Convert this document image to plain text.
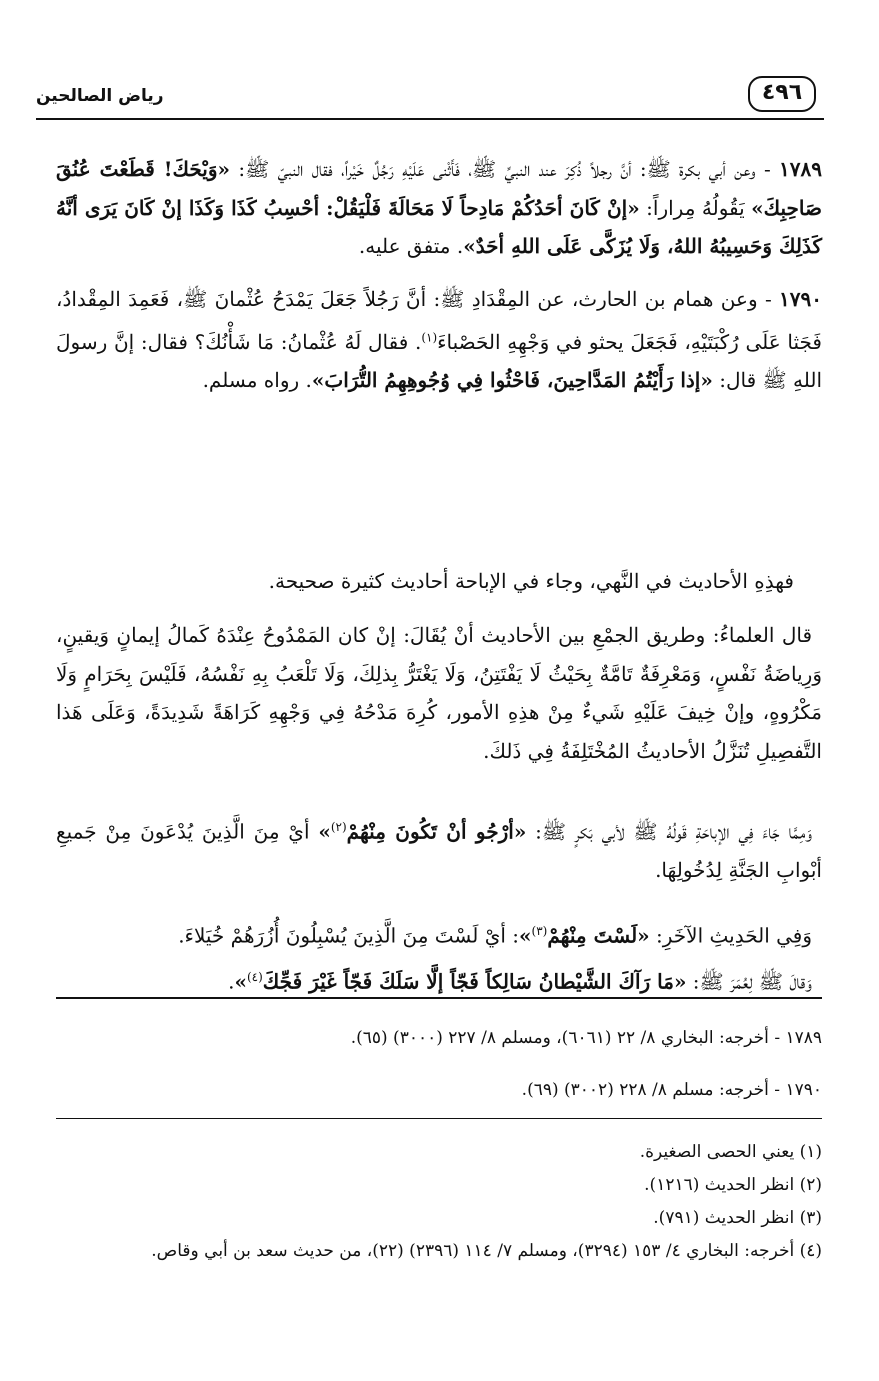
رياض الصالحين	٤٩٦

١٧٨٩ - وعن أبي بكرة ﷺ: أنَّ رجلاً ذُكِرَ عند النبيِّ ﷺ، فَأَثْنى عَلَيْهِ رَجُلٌ خَيْراً، فقال النبيّ ﷺ: «وَيْحَكَ! قَطَعْتَ عُنُقَ صَاحِبِكَ» يَقُولُهُ مِراراً: «إنْ كَانَ أحَدُكُمْ مَادِحاً لَا مَحَالَةَ فَلْيَقُلْ: أحْسِبُ كَذَا وَكَذَا إنْ كَانَ يَرَى أنَّهُ كَذَلِكَ وَحَسِيبُهُ اللهُ، وَلَا يُزَكَّى عَلَى اللهِ أحَدٌ». متفق عليه.

١٧٩٠ - وعن همام بن الحارث، عن المِقْدَادِ ﷺ: أنَّ رَجُلاً جَعَلَ يَمْدَحُ عُثْمانَ ﷺ، فَعَمِدَ المِقْدادُ، فَجَثا عَلَى رُكْبَتَيْهِ، فَجَعَلَ يحثو في وَجْهِهِ الحَصْباءَ$^{(١)}$. فقال لَهُ عُثْمانُ: مَا شَأْنُكَ؟ فقال: إنَّ رسولَ اللهِ ﷺ قال: «إذا رَأَيْتُمُ المَدَّاحِينَ، فَاحْثُوا فِي وُجُوهِهِمُ التُّرَابَ». رواه مسلم.

فهذِهِ الأحاديث في النَّهي، وجاء في الإباحة أحاديث كثيرة صحيحة.

قال العلماءُ: وطريق الجمْعِ بين الأحاديث أنْ يُقَالَ: إنْ كان المَمْدُوحُ عِنْدَهُ كَمالُ إيمانٍ وَيقينٍ، وَرِياضَةُ نَفْسٍ، وَمَعْرِفَةٌ تَامَّةٌ بِحَيْثُ لَا يَفْتَتِنُ، وَلَا يَغْتَرُّ بِذلِكَ، وَلَا تَلْعَبُ بِهِ نَفْسُهُ، فَلَيْسَ بِحَرَامٍ وَلَا مَكْرُوهٍ، وإنْ خِيفَ عَلَيْهِ شَيءٌ مِنْ هذِهِ الأمور، كُرِهَ مَدْحُهُ فِي وَجْهِهِ كَرَاهَةً شَدِيدَةً، وَعَلَى هَذا التَّفصِيلِ تُنَزَّلُ الأحاديثُ المُخْتَلِفَةُ فِي ذَلكَ.

وَمِمَّا جَاءَ فِي الإباحَةِ قَولُهُ ﷺ لأبي بَكرٍ ﷺ: «أرْجُو أنْ تَكُونَ مِنْهُمْ$^{(٢)}$» أيْ مِنَ الَّذِينَ يُدْعَونَ مِنْ جَميعِ أبْوابِ الجَنَّةِ لِدُخُولِهَا.

وَفِي الحَدِيثِ الآخَرِ: «لَسْتَ مِنْهُمْ$^{(٣)}$»: أيْ لَسْتَ مِنَ الَّذِينَ يُسْبِلُونَ أُزُرَهُمْ خُيَلاءَ.

وَقالَ ﷺ لِعُمَرَ ﷺ: «مَا رَآكَ الشَّيْطانُ سَالِكاً فَجّاً إلَّا سَلَكَ فَجّاً غَيْرَ فَجِّكَ$^{(٤)}$».

١٧٨٩ - أخرجه: البخاري ٨/ ٢٢ (٦٠٦١)، ومسلم ٨/ ٢٢٧ (٣٠٠٠) (٦٥).

١٧٩٠ - أخرجه: مسلم ٨/ ٢٢٨ (٣٠٠٢) (٦٩).

(١) يعني الحصى الصغيرة.

(٢) انظر الحديث (١٢١٦).

(٣) انظر الحديث (٧٩١).

(٤) أخرجه: البخاري ٤/ ١٥٣ (٣٢٩٤)، ومسلم ٧/ ١١٤ (٢٣٩٦) (٢٢)، من حديث سعد بن أبي وقاص.
